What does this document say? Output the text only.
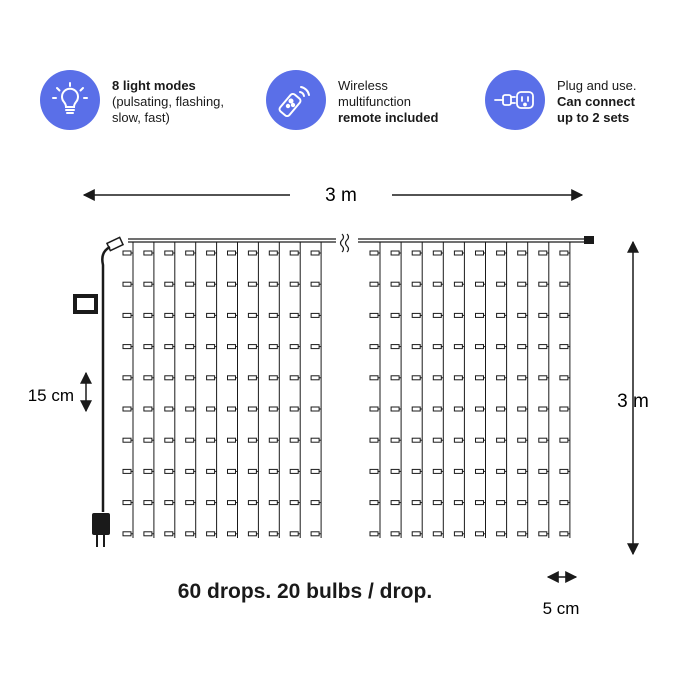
8 light modes
(pulsating, flashing,
slow, fast)
Wireless
multifunction
remote included
Plug and use.
Can connect
up to 2 sets
3 m
3 m
15 cm
5 cm
60 drops. 20 bulbs / drop.
